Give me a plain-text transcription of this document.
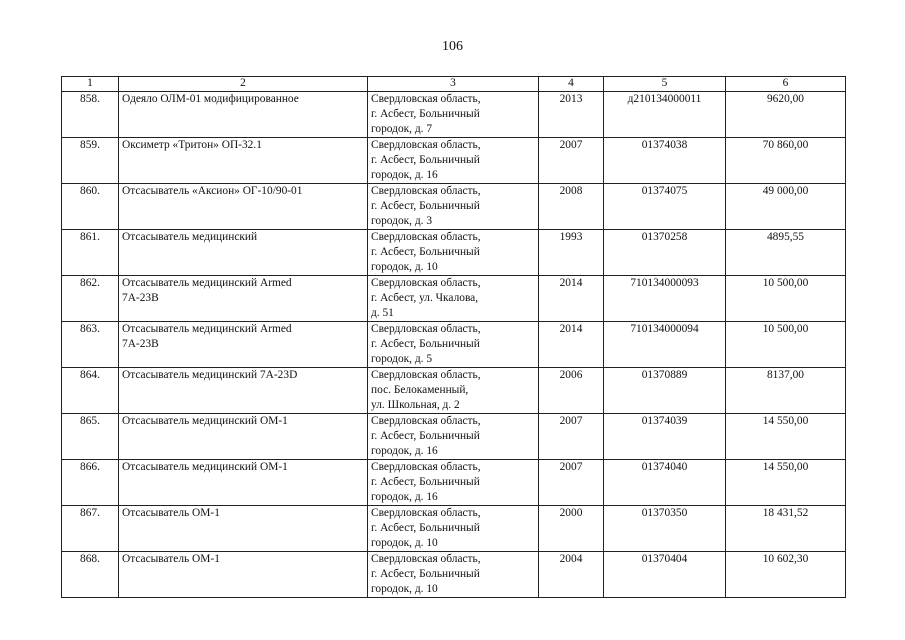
106
1	2	3	4	5	6
858.	Одеяло ОЛМ-01 модифицированное	Свердловская область,
г. Асбест, Больничный
городок, д. 7	2013	д210134000011	9620,00
859.	Оксиметр «Тритон» ОП-32.1	Свердловская область,
г. Асбест, Больничный
городок, д. 16	2007	01374038	70 860,00
860.	Отсасыватель «Аксион» ОГ-10/90-01	Свердловская область,
г. Асбест, Больничный
городок, д. 3	2008	01374075	49 000,00
861.	Отсасыватель медицинский	Свердловская область,
г. Асбест, Больничный
городок, д. 10	1993	01370258	4895,55
862.	Отсасыватель медицинский Armed
7А-23В	Свердловская область,
г. Асбест, ул. Чкалова,
д. 51	2014	710134000093	10 500,00
863.	Отсасыватель медицинский Armed
7А-23В	Свердловская область,
г. Асбест, Больничный
городок, д. 5	2014	710134000094	10 500,00
864.	Отсасыватель медицинский 7А-23D	Свердловская область,
пос. Белокаменный,
ул. Школьная, д. 2	2006	01370889	8137,00
865.	Отсасыватель медицинский ОМ-1	Свердловская область,
г. Асбест, Больничный
городок, д. 16	2007	01374039	14 550,00
866.	Отсасыватель медицинский ОМ-1	Свердловская область,
г. Асбест, Больничный
городок, д. 16	2007	01374040	14 550,00
867.	Отсасыватель ОМ-1	Свердловская область,
г. Асбест, Больничный
городок, д. 10	2000	01370350	18 431,52
868.	Отсасыватель ОМ-1	Свердловская область,
г. Асбест, Больничный
городок, д. 10	2004	01370404	10 602,30
